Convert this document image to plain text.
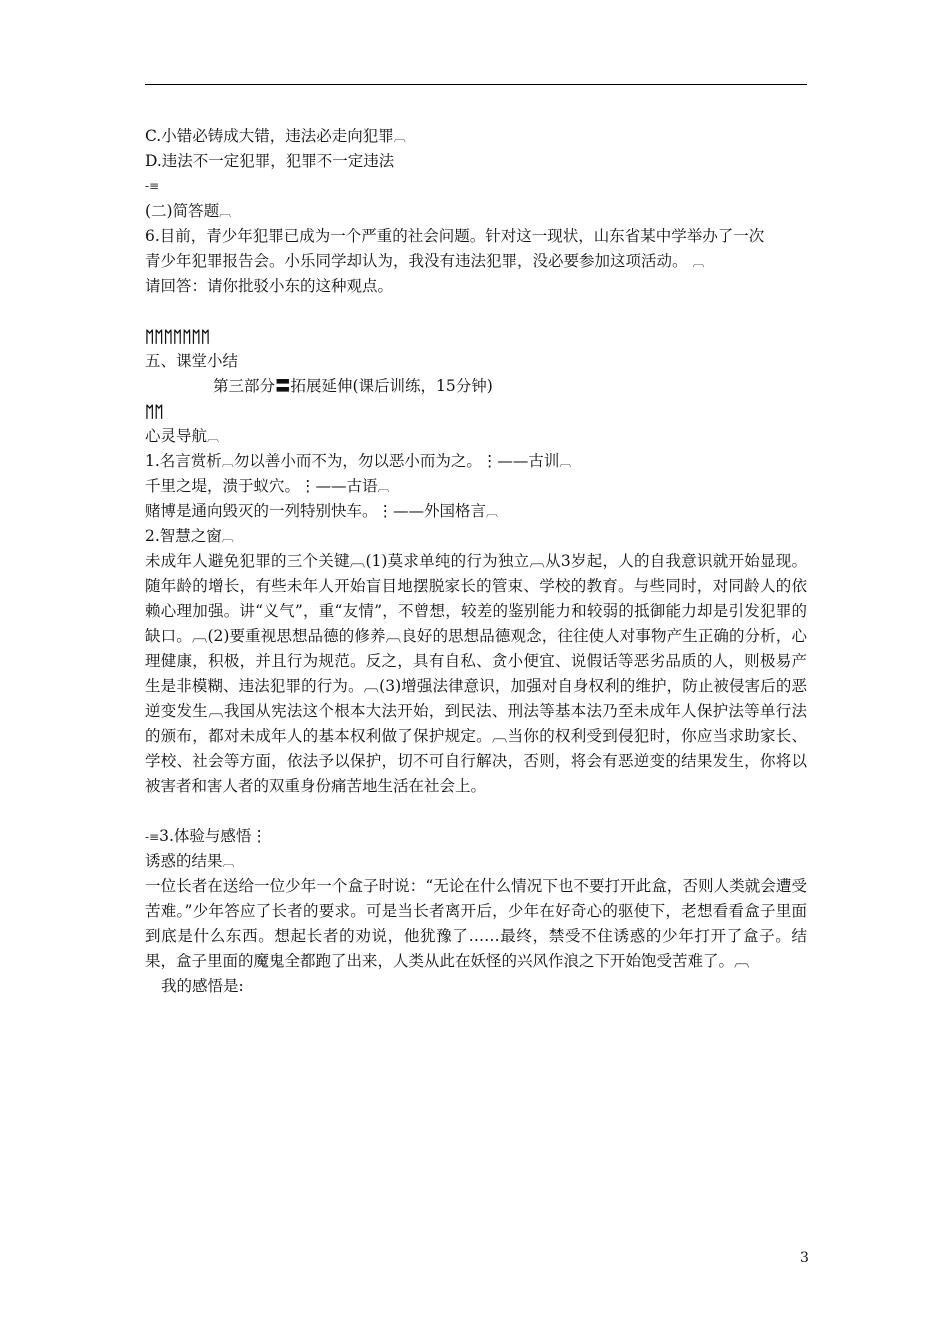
C.小错必铸成大错，违法必走向犯罪︹
D.违法不一定犯罪，犯罪不一定违法
-≡
(二)简答题︹
6.目前，青少年犯罪已成为一个严重的社会问题。针对这一现状，山东省某中学举办了一次
青少年犯罪报告会。小乐同学却认为，我没有违法犯罪，没必要参加这项活动。 ︹
请回答：请你批驳小东的这种观点。
ᛖᛖᛖᛖᛖᛖᛖ
五、课堂小结
第三部分〓拓展延伸(课后训练，15分钟)
ᛖᛖ
心灵导航︹
1.名言赏析︹勿以善小而不为，勿以恶小而为之。⋮——古训︹
千里之堤，溃于蚁穴。⋮——古语︹
赌博是通向毁灭的一列特别快车。⋮——外国格言︹
2.智慧之窗︹
未成年人避免犯罪的三个关键︹(1)莫求单纯的行为独立︹从3岁起，人的自我意识就开始显现。随年龄的增长，有些未年人开始盲目地摆脱家长的管束、学校的教育。与些同时，对同龄人的依赖心理加强。讲“义气”，重“友情”，不曾想，较差的鉴别能力和较弱的抵御能力却是引发犯罪的缺口。︹(2)要重视思想品德的修养︹良好的思想品德观念，往往使人对事物产生正确的分析，心理健康，积极，并且行为规范。反之，具有自私、贪小便宜、说假话等恶劣品质的人，则极易产生是非模糊、违法犯罪的行为。︹(3)增强法律意识，加强对自身权利的维护，防止被侵害后的恶逆变发生︹我国从宪法这个根本大法开始，到民法、刑法等基本法乃至未成年人保护法等单行法的颁布，都对未成年人的基本权利做了保护规定。︹当你的权利受到侵犯时，你应当求助家长、学校、社会等方面，依法予以保护，切不可自行解决，否则，将会有恶逆变的结果发生，你将以被害者和害人者的双重身份痛苦地生活在社会上。
-≡3.体验与感悟⋮
诱惑的结果︹
一位长者在送给一位少年一个盒子时说：“无论在什么情况下也不要打开此盒，否则人类就会遭受苦难。”少年答应了长者的要求。可是当长者离开后，少年在好奇心的驱使下，老想看看盒子里面到底是什么东西。想起长者的劝说，他犹豫了……最终，禁受不住诱惑的少年打开了盒子。结果，盒子里面的魔鬼全都跑了出来，人类从此在妖怪的兴风作浪之下开始饱受苦难了。︹
我的感悟是:
3
